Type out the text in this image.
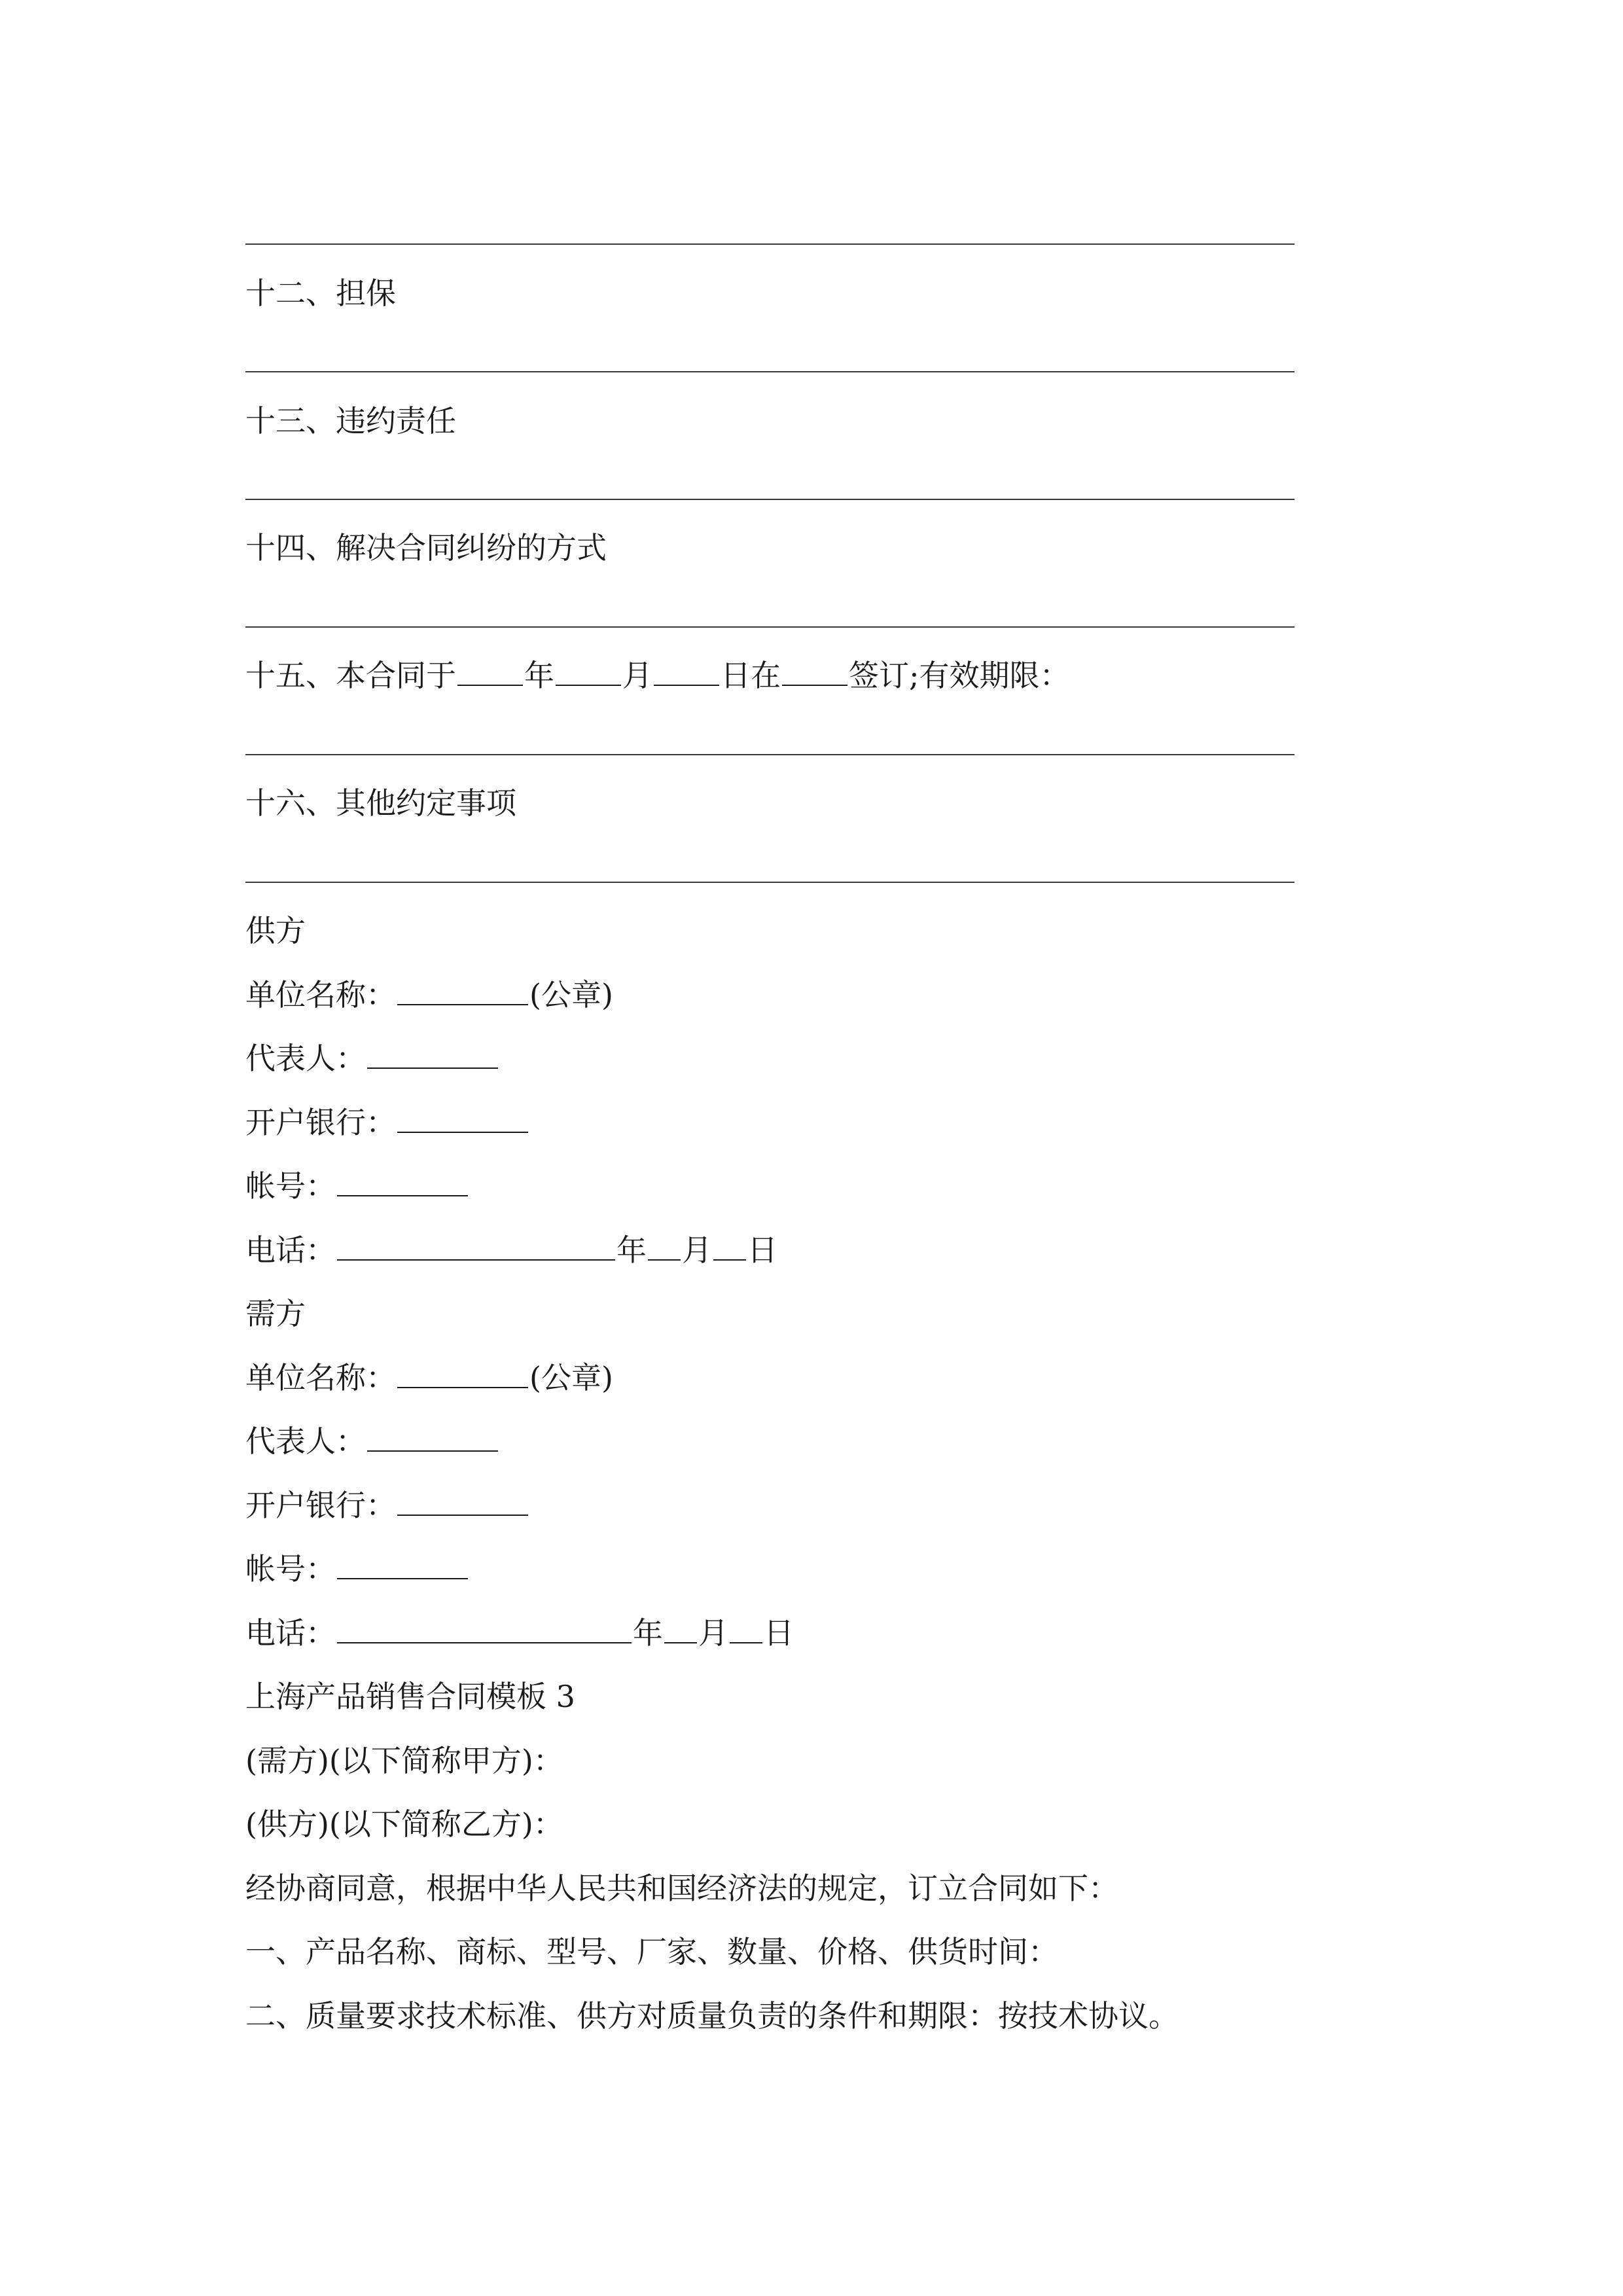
十二、担保
十三、违约责任
十四、解决合同纠纷的方式
十五、本合同于 年 月 日在 签订;有效期限：
十六、其他约定事项
供方
单位名称：	(公章)
代表人：
开户银行：
帐号：
电话：	年 月 日
需方
单位名称：	(公章)
代表人：
开户银行：
帐号：
电话：	年 月 日
上海产品销售合同模板 3
(需方)(以下简称甲方)：
(供方)(以下简称乙方)：
经协商同意，根据中华人民共和国经济法的规定，订立合同如下：
一、产品名称、商标、型号、厂家、数量、价格、供货时间：
二、质量要求技术标准、供方对质量负责的条件和期限：按技术协议。
